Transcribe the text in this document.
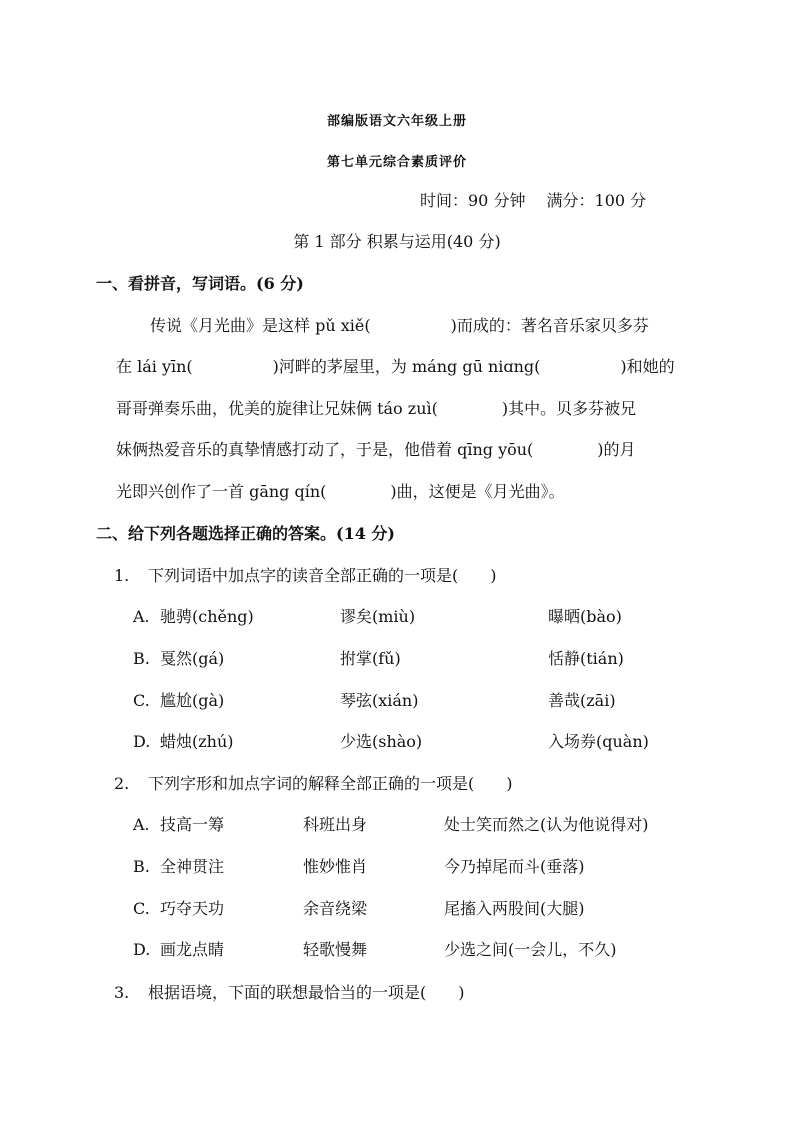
部编版语文六年级上册
第七单元综合素质评价
时间：90 分钟　 满分：100 分
第 1 部分 积累与运用(40 分)
一、看拼音，写词语。(6 分)
传说《月光曲》是这样 pǔ xiě(　　　　　)而成的：著名音乐家贝多芬
在 lái yīn(　　　　　)河畔的茅屋里，为 máng gū niɑng(　　　　　)和她的
哥哥弹奏乐曲，优美的旋律让兄妹俩 táo zuì(　　　　)其中。贝多芬被兄
妹俩热爱音乐的真挚情感打动了，于是，他借着 qīng yōu(　　　　)的月
光即兴创作了一首 gāng qín(　　　　)曲，这便是《月光曲》。
二、给下列各题选择正确的答案。(14 分)
1. 下列词语中加点字的读音全部正确的一项是(　　)
A. 驰骋(chěng)	谬矣(miù)	曝晒(bào)
B. 戛然(gá)	拊掌(fǔ)	恬静(tián)
C. 尴尬(gà)	琴弦(xián)	善哉(zāi)
D. 蜡烛(zhú)	少选(shào)	入场券(quàn)
2. 下列字形和加点字词的解释全部正确的一项是(　　)
A. 技高一筹	科班出身	处士笑而然之(认为他说得对)
B. 全神贯注	惟妙惟肖	今乃掉尾而斗(垂落)
C. 巧夺天功	余音绕梁	尾搐入两股间(大腿)
D. 画龙点睛	轻歌慢舞	少选之间(一会儿，不久)
3. 根据语境，下面的联想最恰当的一项是(　　)
